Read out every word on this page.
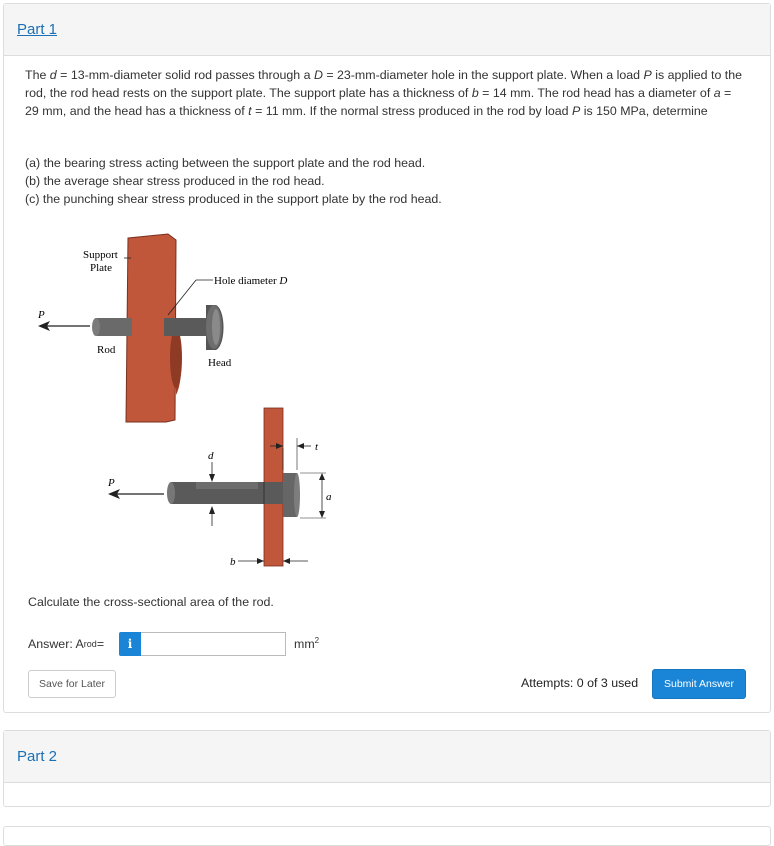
Part 1
The d = 13-mm-diameter solid rod passes through a D = 23-mm-diameter hole in the support plate. When a load P is applied to the rod, the rod head rests on the support plate. The support plate has a thickness of b = 14 mm. The rod head has a diameter of a = 29 mm, and the head has a thickness of t = 11 mm. If the normal stress produced in the rod by load P is 150 MPa, determine
(a) the bearing stress acting between the support plate and the rod head.
(b) the average shear stress produced in the rod head.
(c) the punching shear stress produced in the support plate by the rod head.
P
Support
Plate
Hole diameter D
Rod
Head
d
t
a
P
b
Calculate the cross-sectional area of the rod.
Answer: A rod =	i	$mm^2$
Save for Later	Attempts: 0 of 3 used	Submit Answer
Part 2
